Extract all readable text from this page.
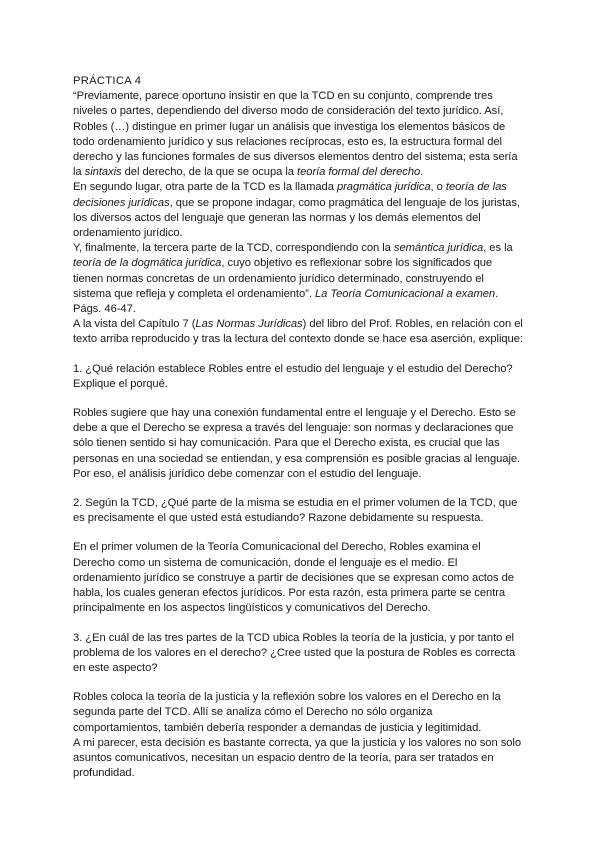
PRÁCTICA 4

“Previamente, parece oportuno insistir en que la TCD en su conjunto, comprende tres niveles o partes, dependiendo del diverso modo de consideración del texto jurídico. Así, Robles (…) distingue en primer lugar un análisis que investiga los elementos básicos de todo ordenamiento jurídico y sus relaciones recíprocas, esto es, la estructura formal del derecho y las funciones formales de sus diversos elementos dentro del sistema; esta sería la sintaxis del derecho, de la que se ocupa la teoría formal del derecho.

En segundo lugar, otra parte de la TCD es la llamada pragmática jurídica, o teoría de las decisiones jurídicas, que se propone indagar, como pragmática del lenguaje de los juristas, los diversos actos del lenguaje que generan las normas y los demás elementos del ordenamiento jurídico.

Y, finalmente, la tercera parte de la TCD, correspondiendo con la semántica jurídica, es la teoría de la dogmática jurídica, cuyo objetivo es reflexionar sobre los significados que tienen normas concretas de un ordenamiento jurídico determinado, construyendo el sistema que refleja y completa el ordenamiento”. La Teoría Comunicacional a examen. Págs. 46-47.

A la vista del Capítulo 7 (Las Normas Jurídicas) del libro del Prof. Robles, en relación con el texto arriba reproducido y tras la lectura del contexto donde se hace esa aserción, explique:

1. ¿Qué relación establece Robles entre el estudio del lenguaje y el estudio del Derecho? Explique el porqué.

Robles sugiere que hay una conexión fundamental entre el lenguaje y el Derecho. Esto se debe a que el Derecho se expresa a través del lenguaje: son normas y declaraciones que sólo tienen sentido si hay comunicación. Para que el Derecho exista, es crucial que las personas en una sociedad se entiendan, y esa comprensión es posible gracias al lenguaje. Por eso, el análisis jurídico debe comenzar con el estudio del lenguaje.

2. Según la TCD, ¿Qué parte de la misma se estudia en el primer volumen de la TCD, que es precisamente el que usted está estudiando? Razone debidamente su respuesta.

En el primer volumen de la Teoría Comunicacional del Derecho, Robles examina el Derecho como un sistema de comunicación, donde el lenguaje es el medio. El ordenamiento jurídico se construye a partir de decisiones que se expresan como actos de habla, los cuales generan efectos jurídicos. Por esta razón, esta primera parte se centra principalmente en los aspectos lingüísticos y comunicativos del Derecho.

3. ¿En cuál de las tres partes de la TCD ubica Robles la teoría de la justicia, y por tanto el problema de los valores en el derecho? ¿Cree usted que la postura de Robles es correcta en este aspecto?

Robles coloca la teoría de la justicia y la reflexión sobre los valores en el Derecho en la segunda parte del TCD. Allí se analiza cómo el Derecho no sólo organiza comportamientos, también debería responder a demandas de justicia y legitimidad.

A mi parecer, esta decisión es bastante correcta, ya que la justicia y los valores no son solo asuntos comunicativos, necesitan un espacio dentro de la teoría, para ser tratados en profundidad.
